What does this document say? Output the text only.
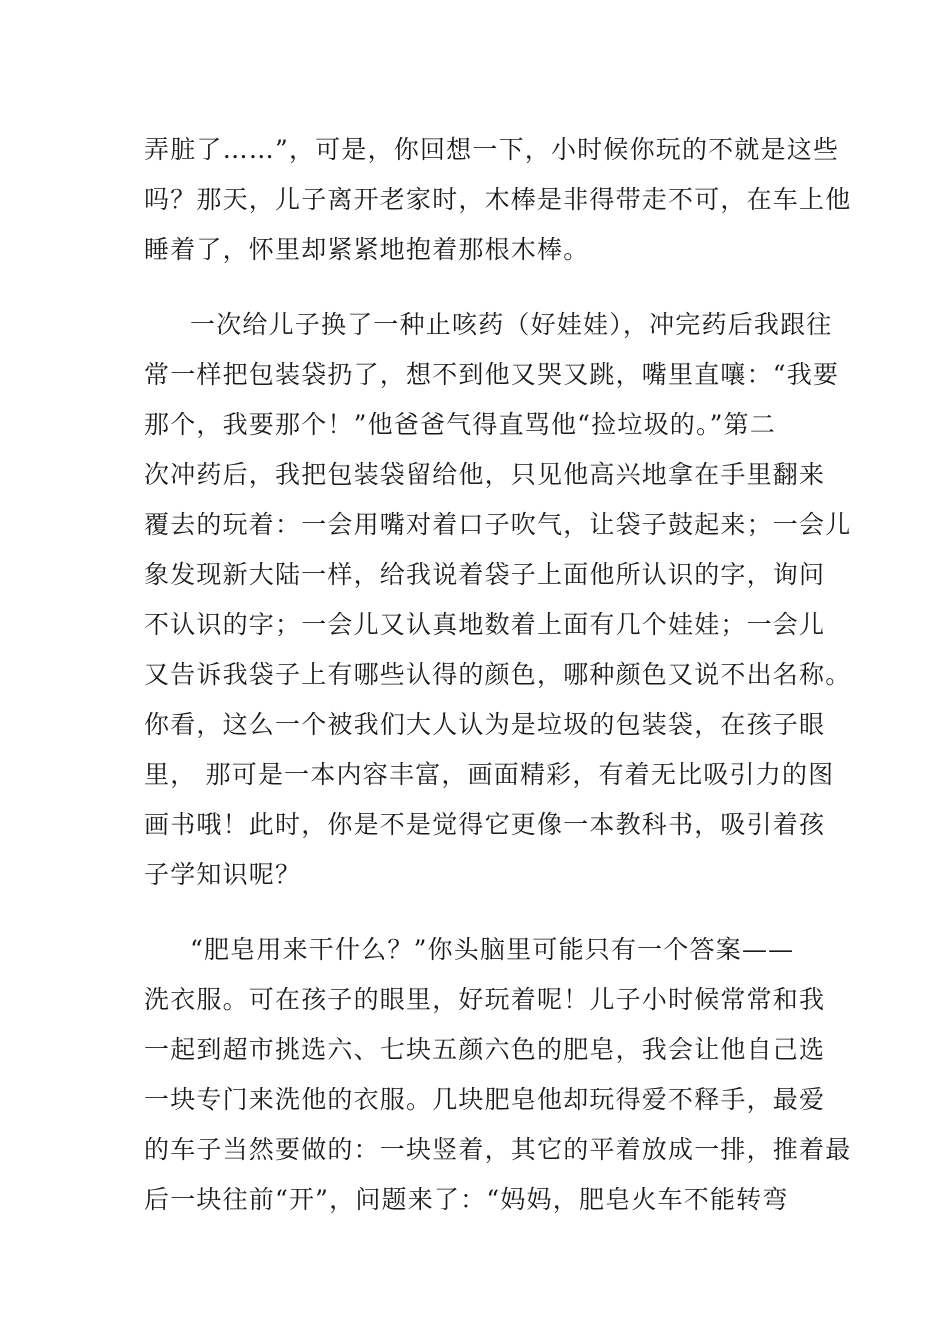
弄脏了……”，可是，你回想一下，小时候你玩的不就是这些
吗？那天，儿子离开老家时，木棒是非得带走不可，在车上他
睡着了，怀里却紧紧地抱着那根木棒。
一次给儿子换了一种止咳药（好娃娃），冲完药后我跟往
常一样把包装袋扔了，想不到他又哭又跳，嘴里直嚷：“我要
那个，我要那个！”他爸爸气得直骂他“捡垃圾的。”第二
次冲药后，我把包装袋留给他，只见他高兴地拿在手里翻来
覆去的玩着：一会用嘴对着口子吹气，让袋子鼓起来；一会儿
象发现新大陆一样，给我说着袋子上面他所认识的字，询问
不认识的字；一会儿又认真地数着上面有几个娃娃；一会儿
又告诉我袋子上有哪些认得的颜色，哪种颜色又说不出名称。
你看，这么一个被我们大人认为是垃圾的包装袋，在孩子眼
里， 那可是一本内容丰富，画面精彩，有着无比吸引力的图
画书哦！此时，你是不是觉得它更像一本教科书，吸引着孩
子学知识呢？
“肥皂用来干什么？”你头脑里可能只有一个答案——
洗衣服。可在孩子的眼里，好玩着呢！儿子小时候常常和我
一起到超市挑选六、七块五颜六色的肥皂，我会让他自己选
一块专门来洗他的衣服。几块肥皂他却玩得爱不释手，最爱
的车子当然要做的：一块竖着，其它的平着放成一排，推着最
后一块往前“开”，问题来了：“妈妈，肥皂火车不能转弯
